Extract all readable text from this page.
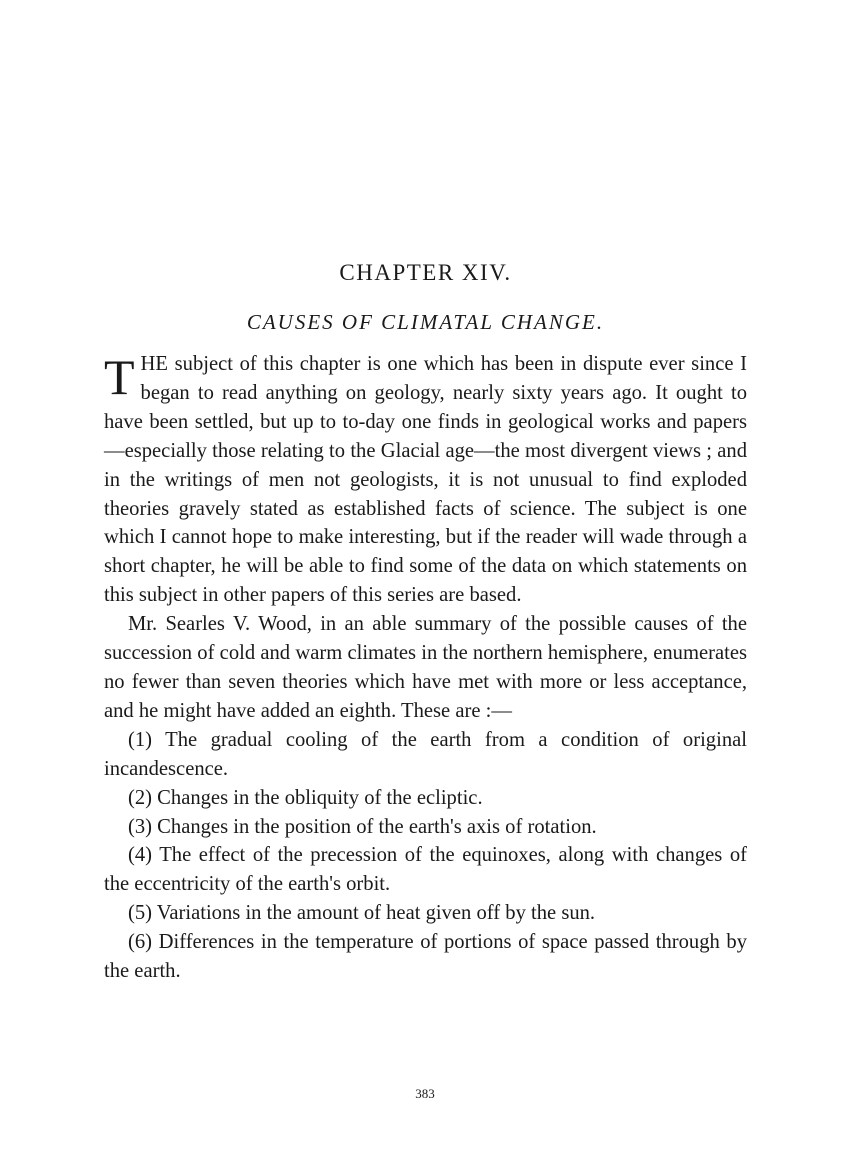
CHAPTER XIV.
CAUSES OF CLIMATAL CHANGE.

THE subject of this chapter is one which has been in dispute ever since I began to read anything on geology, nearly sixty years ago. It ought to have been settled, but up to to-day one finds in geological works and papers—especially those relating to the Glacial age—the most divergent views ; and in the writings of men not geologists, it is not unusual to find exploded theories gravely stated as established facts of science. The subject is one which I cannot hope to make interesting, but if the reader will wade through a short chapter, he will be able to find some of the data on which statements on this subject in other papers of this series are based.

Mr. Searles V. Wood, in an able summary of the possible causes of the succession of cold and warm climates in the northern hemisphere, enumerates no fewer than seven theories which have met with more or less acceptance, and he might have added an eighth. These are :—

(1) The gradual cooling of the earth from a condition of original incandescence.

(2) Changes in the obliquity of the ecliptic.

(3) Changes in the position of the earth's axis of rotation.

(4) The effect of the precession of the equinoxes, along with changes of the eccentricity of the earth's orbit.

(5) Variations in the amount of heat given off by the sun.

(6) Differences in the temperature of portions of space passed through by the earth.

383
